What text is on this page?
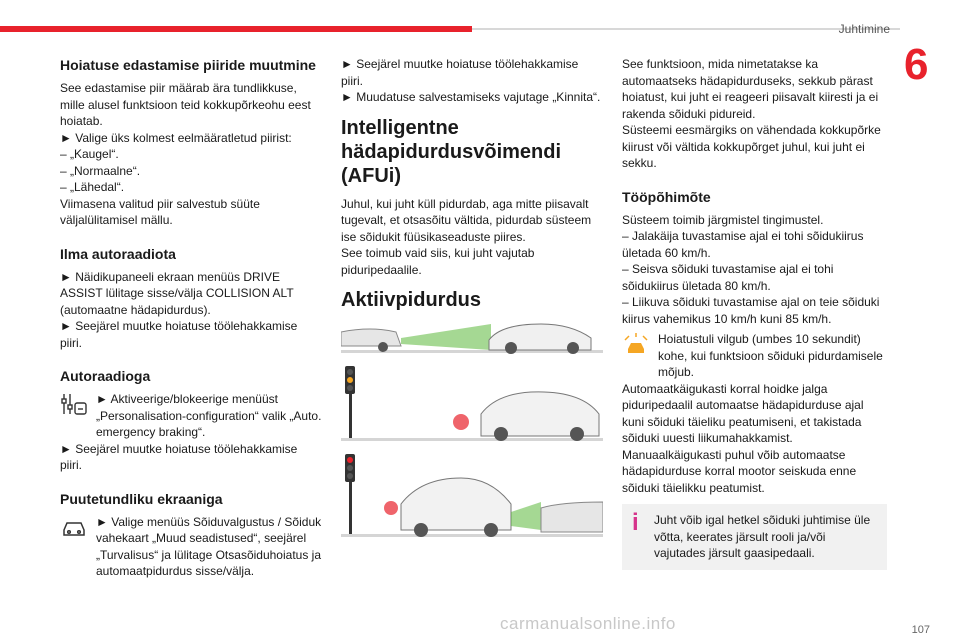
Juhtimine
6
Hoiatuse edastamise piiride muutmine

See edastamise piir määrab ära tundlikkuse, mille alusel funktsioon teid kokkupõrkeohu eest hoiatab.
► Valige üks kolmest eelmääratletud piirist:
– „Kaugel“.
– „Normaalne“.
– „Lähedal“.
Viimasena valitud piir salvestub süüte väljalülitamisel mällu.

Ilma autoraadiota

► Näidikupaneeli ekraan menüüs DRIVE ASSIST lülitage sisse/välja COLLISION ALT (automaatne hädapidurdus).
► Seejärel muutke hoiatuse töölehakkamise piiri.

Autoraadioga

► Aktiveerige/blokeerige menüüst „Personalisation-configuration“ valik „Auto. emergency braking“.

► Seejärel muutke hoiatuse töölehakkamise piiri.

Puutetundliku ekraaniga

► Valige menüüs Sõiduvalgustus / Sõiduk vahekaart „Muud seadistused“, seejärel „Turvalisus“ ja lülitage Otsasõiduhoiatus ja automaatpidurdus sisse/välja.

► Seejärel muutke hoiatuse töölehakkamise piiri.
► Muudatuse salvestamiseks vajutage „Kinnita“.

Intelligentne hädapidurdusvõimendi (AFUi)

Juhul, kui juht küll pidurdab, aga mitte piisavalt tugevalt, et otsasõitu vältida, pidurdab süsteem ise sõidukit füüsikaseaduste piires.
See toimub vaid siis, kui juht vajutab piduripedaalile.

Aktiivpidurdus

See funktsioon, mida nimetatakse ka automaatseks hädapidurduseks, sekkub pärast hoiatust, kui juht ei reageeri piisavalt kiiresti ja ei rakenda sõiduki pidureid.
Süsteemi eesmärgiks on vähendada kokkupõrke kiirust või vältida kokkupõrget juhul, kui juht ei sekku.

Tööpõhimõte

Süsteem toimib järgmistel tingimustel.
– Jalakäija tuvastamise ajal ei tohi sõidukiirus ületada 60 km/h.
– Seisva sõiduki tuvastamise ajal ei tohi sõidukiirus ületada 80 km/h.
– Liikuva sõiduki tuvastamise ajal on teie sõiduki kiirus vahemikus 10 km/h kuni 85 km/h.

Hoiatustuli vilgub (umbes 10 sekundit) kohe, kui funktsioon sõiduki pidurdamisele mõjub.

Automaatkäigukasti korral hoidke jalga piduripedaalil automaatse hädapidurduse ajal kuni sõiduki täieliku peatumiseni, et takistada sõiduki uuesti liikumahakkamist.
Manuaalkäigukasti puhul võib automaatse hädapidurduse korral mootor seiskuda enne sõiduki täielikku peatumist.

i	Juht võib igal hetkel sõiduki juhtimise üle võtta, keerates järsult rooli ja/või vajutades järsult gaasipedaali.
carmanualsonline.info	107
